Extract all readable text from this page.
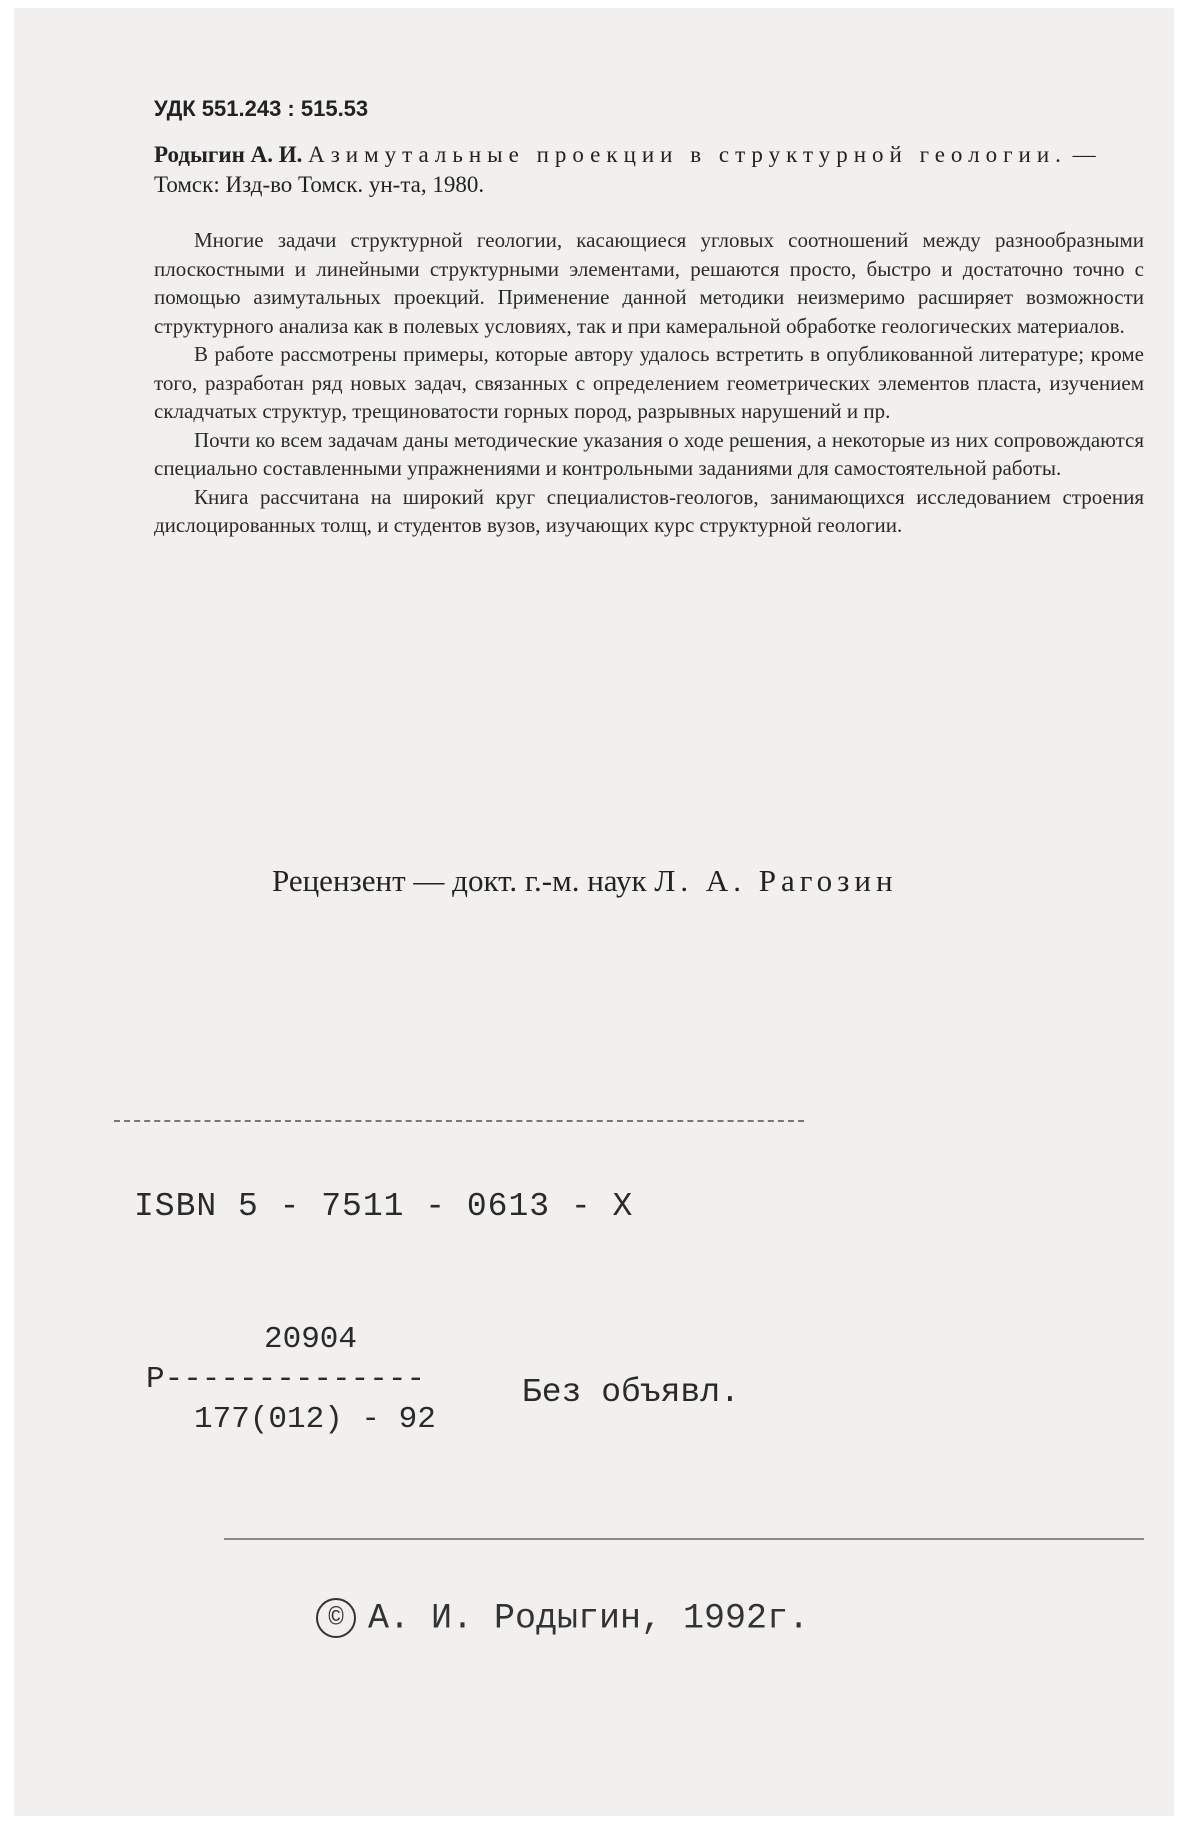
УДК 551.243 : 515.53
Родыгин А. И. Азимутальные проекции в структурной геологии. — Томск: Изд-во Томск. ун-та, 1980.

Многие задачи структурной геологии, касающиеся угловых соотношений между разнообразными плоскостными и линейными структурными элементами, решаются просто, быстро и достаточно точно с помощью азимутальных проекций. Применение данной методики неизмеримо расширяет возможности структурного анализа как в полевых условиях, так и при камеральной обработке геологических материалов.

В работе рассмотрены примеры, которые автору удалось встретить в опубликованной литературе; кроме того, разработан ряд новых задач, связанных с определением геометрических элементов пласта, изучением складчатых структур, трещиноватости горных пород, разрывных нарушений и пр.

Почти ко всем задачам даны методические указания о ходе решения, а некоторые из них сопровождаются специально составленными упражнениями и контрольными заданиями для самостоятельной работы.

Книга рассчитана на широкий круг специалистов-геологов, занимающихся исследованием строения дислоцированных толщ, и студентов вузов, изучающих курс структурной геологии.

Рецензент — докт. г.-м. наук Л. А. Рагозин
ISBN 5 - 7511 - 0613 - X
20904
Р--------------
177(012) - 92
Без объявл.
© А. И. Родыгин, 1992г.
